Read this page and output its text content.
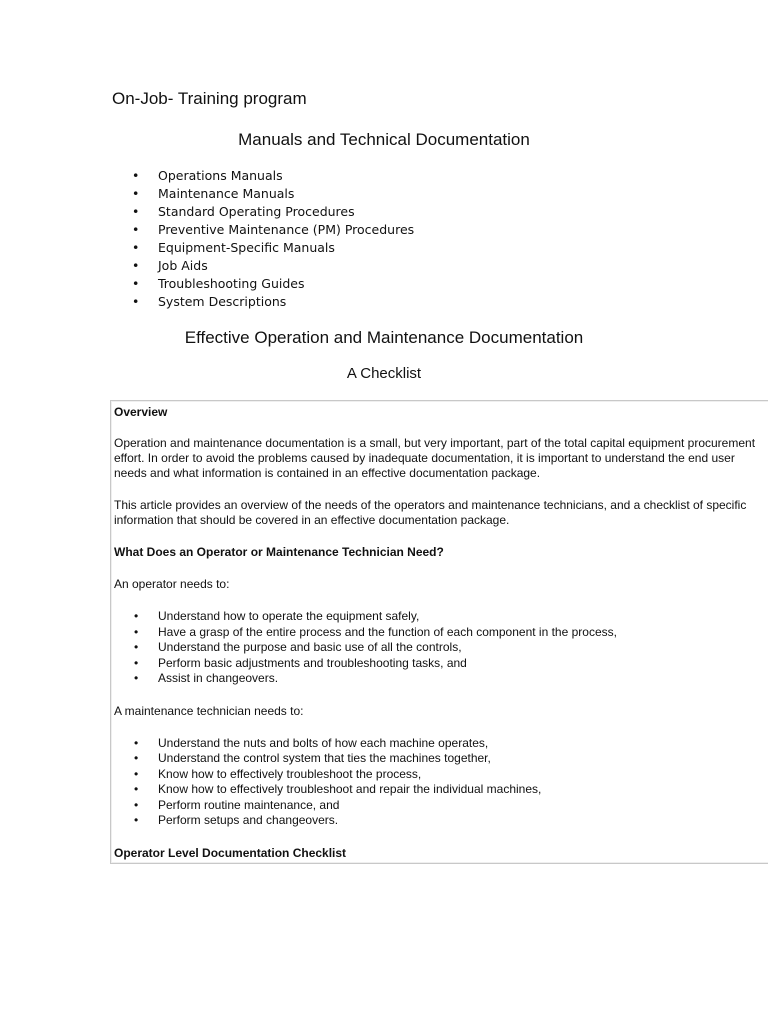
On-Job- Training program
Manuals and Technical Documentation
• Operations Manuals
• Maintenance Manuals
• Standard Operating Procedures
• Preventive Maintenance (PM) Procedures
• Equipment-Specific Manuals
• Job Aids
• Troubleshooting Guides
• System Descriptions
Effective Operation and Maintenance Documentation
A Checklist

Overview

Operation and maintenance documentation is a small, but very important, part of the total capital equipment procurement effort. In order to avoid the problems caused by inadequate documentation, it is important to understand the end user needs and what information is contained in an effective documentation package.

This article provides an overview of the needs of the operators and maintenance technicians, and a checklist of specific information that should be covered in an effective documentation package.

What Does an Operator or Maintenance Technician Need?

An operator needs to:

• Understand how to operate the equipment safely,
• Have a grasp of the entire process and the function of each component in the process,
• Understand the purpose and basic use of all the controls,
• Perform basic adjustments and troubleshooting tasks, and
• Assist in changeovers.

A maintenance technician needs to:

• Understand the nuts and bolts of how each machine operates,
• Understand the control system that ties the machines together,
• Know how to effectively troubleshoot the process,
• Know how to effectively troubleshoot and repair the individual machines,
• Perform routine maintenance, and
• Perform setups and changeovers.

Operator Level Documentation Checklist
